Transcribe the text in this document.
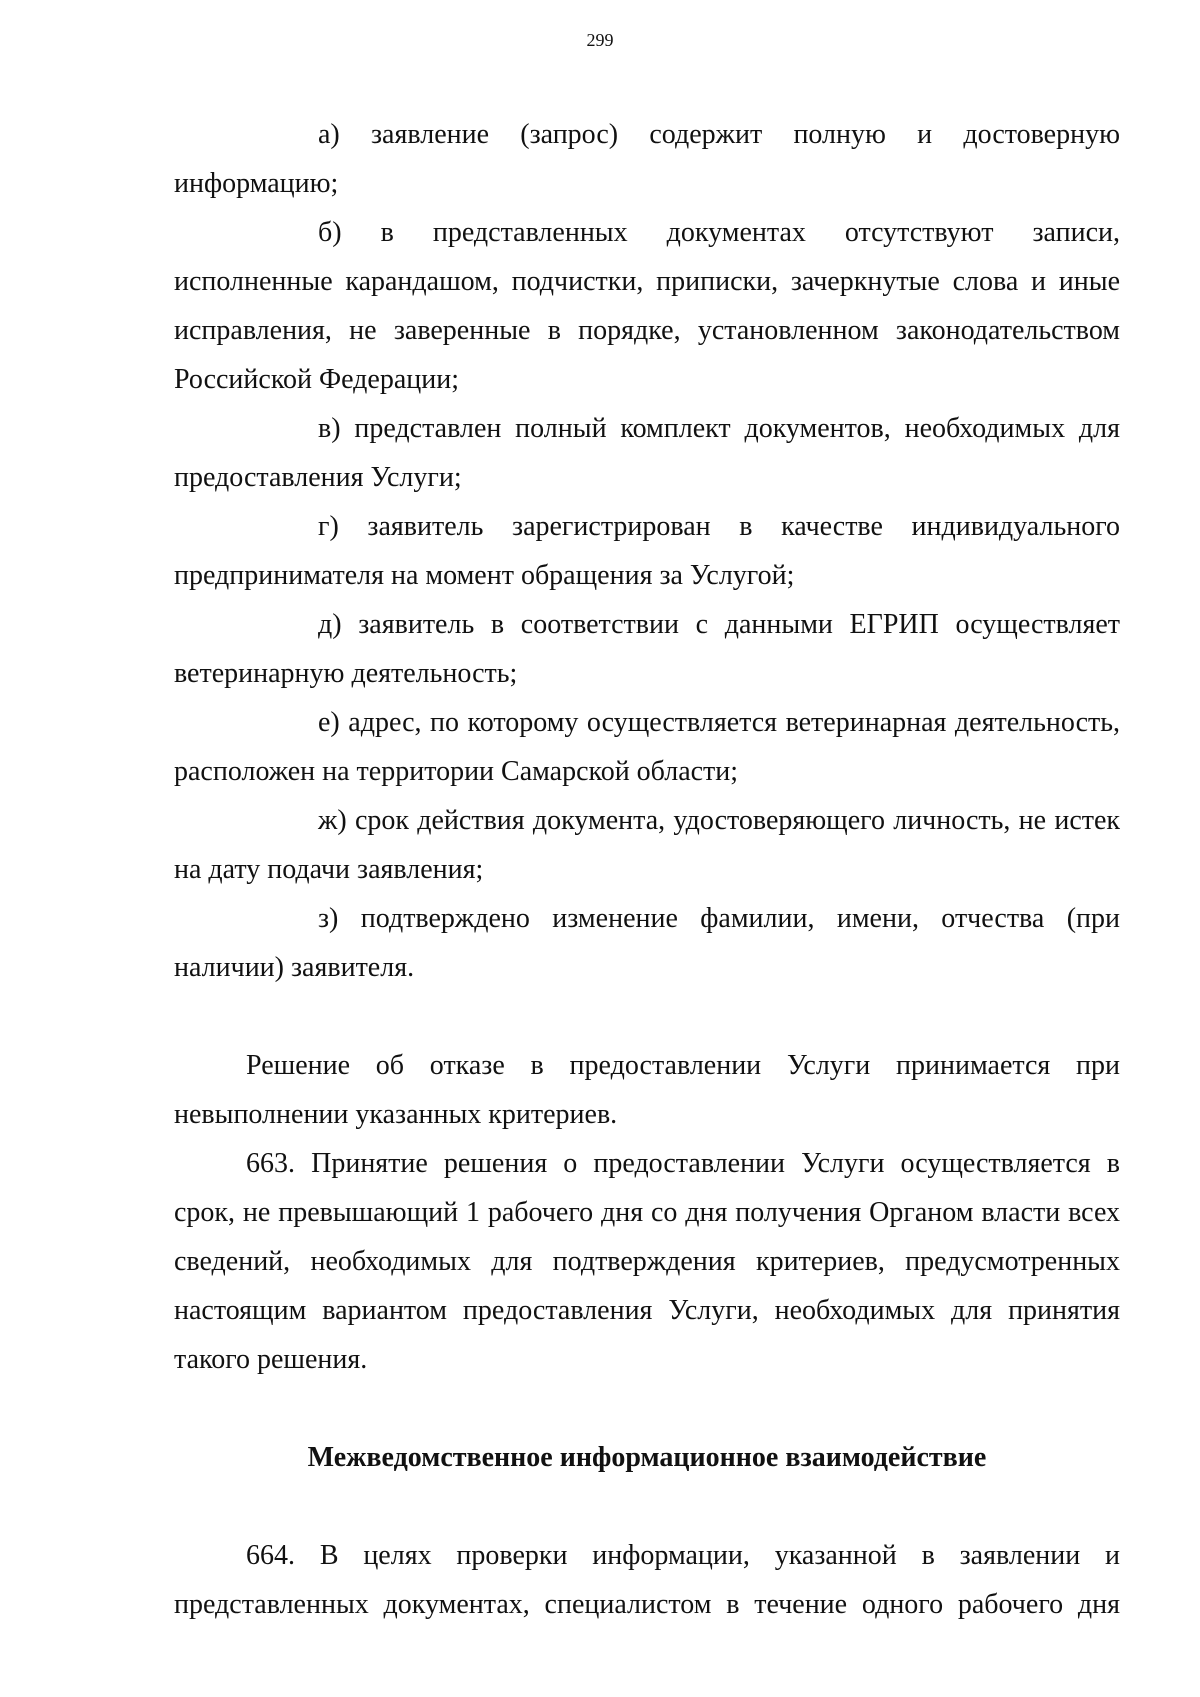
299

а) заявление (запрос) содержит полную и достоверную информацию;

б) в представленных документах отсутствуют записи, исполненные карандашом, подчистки, приписки, зачеркнутые слова и иные исправления, не заверенные в порядке, установленном законодательством Российской Федерации;

в) представлен полный комплект документов, необходимых для предоставления Услуги;

г) заявитель зарегистрирован в качестве индивидуального предпринимателя на момент обращения за Услугой;

д) заявитель в соответствии с данными ЕГРИП осуществляет ветеринарную деятельность;

е) адрес, по которому осуществляется ветеринарная деятельность, расположен на территории Самарской области;

ж) срок действия документа, удостоверяющего личность, не истек на дату подачи заявления;

з) подтверждено изменение фамилии, имени, отчества (при наличии) заявителя.

Решение об отказе в предоставлении Услуги принимается при невыполнении указанных критериев.

663. Принятие решения о предоставлении Услуги осуществляется в срок, не превышающий 1 рабочего дня со дня получения Органом власти всех сведений, необходимых для подтверждения критериев, предусмотренных настоящим вариантом предоставления Услуги, необходимых для принятия такого решения.

Межведомственное информационное взаимодействие

664. В целях проверки информации, указанной в заявлении и представленных документах, специалистом в течение одного рабочего дня
